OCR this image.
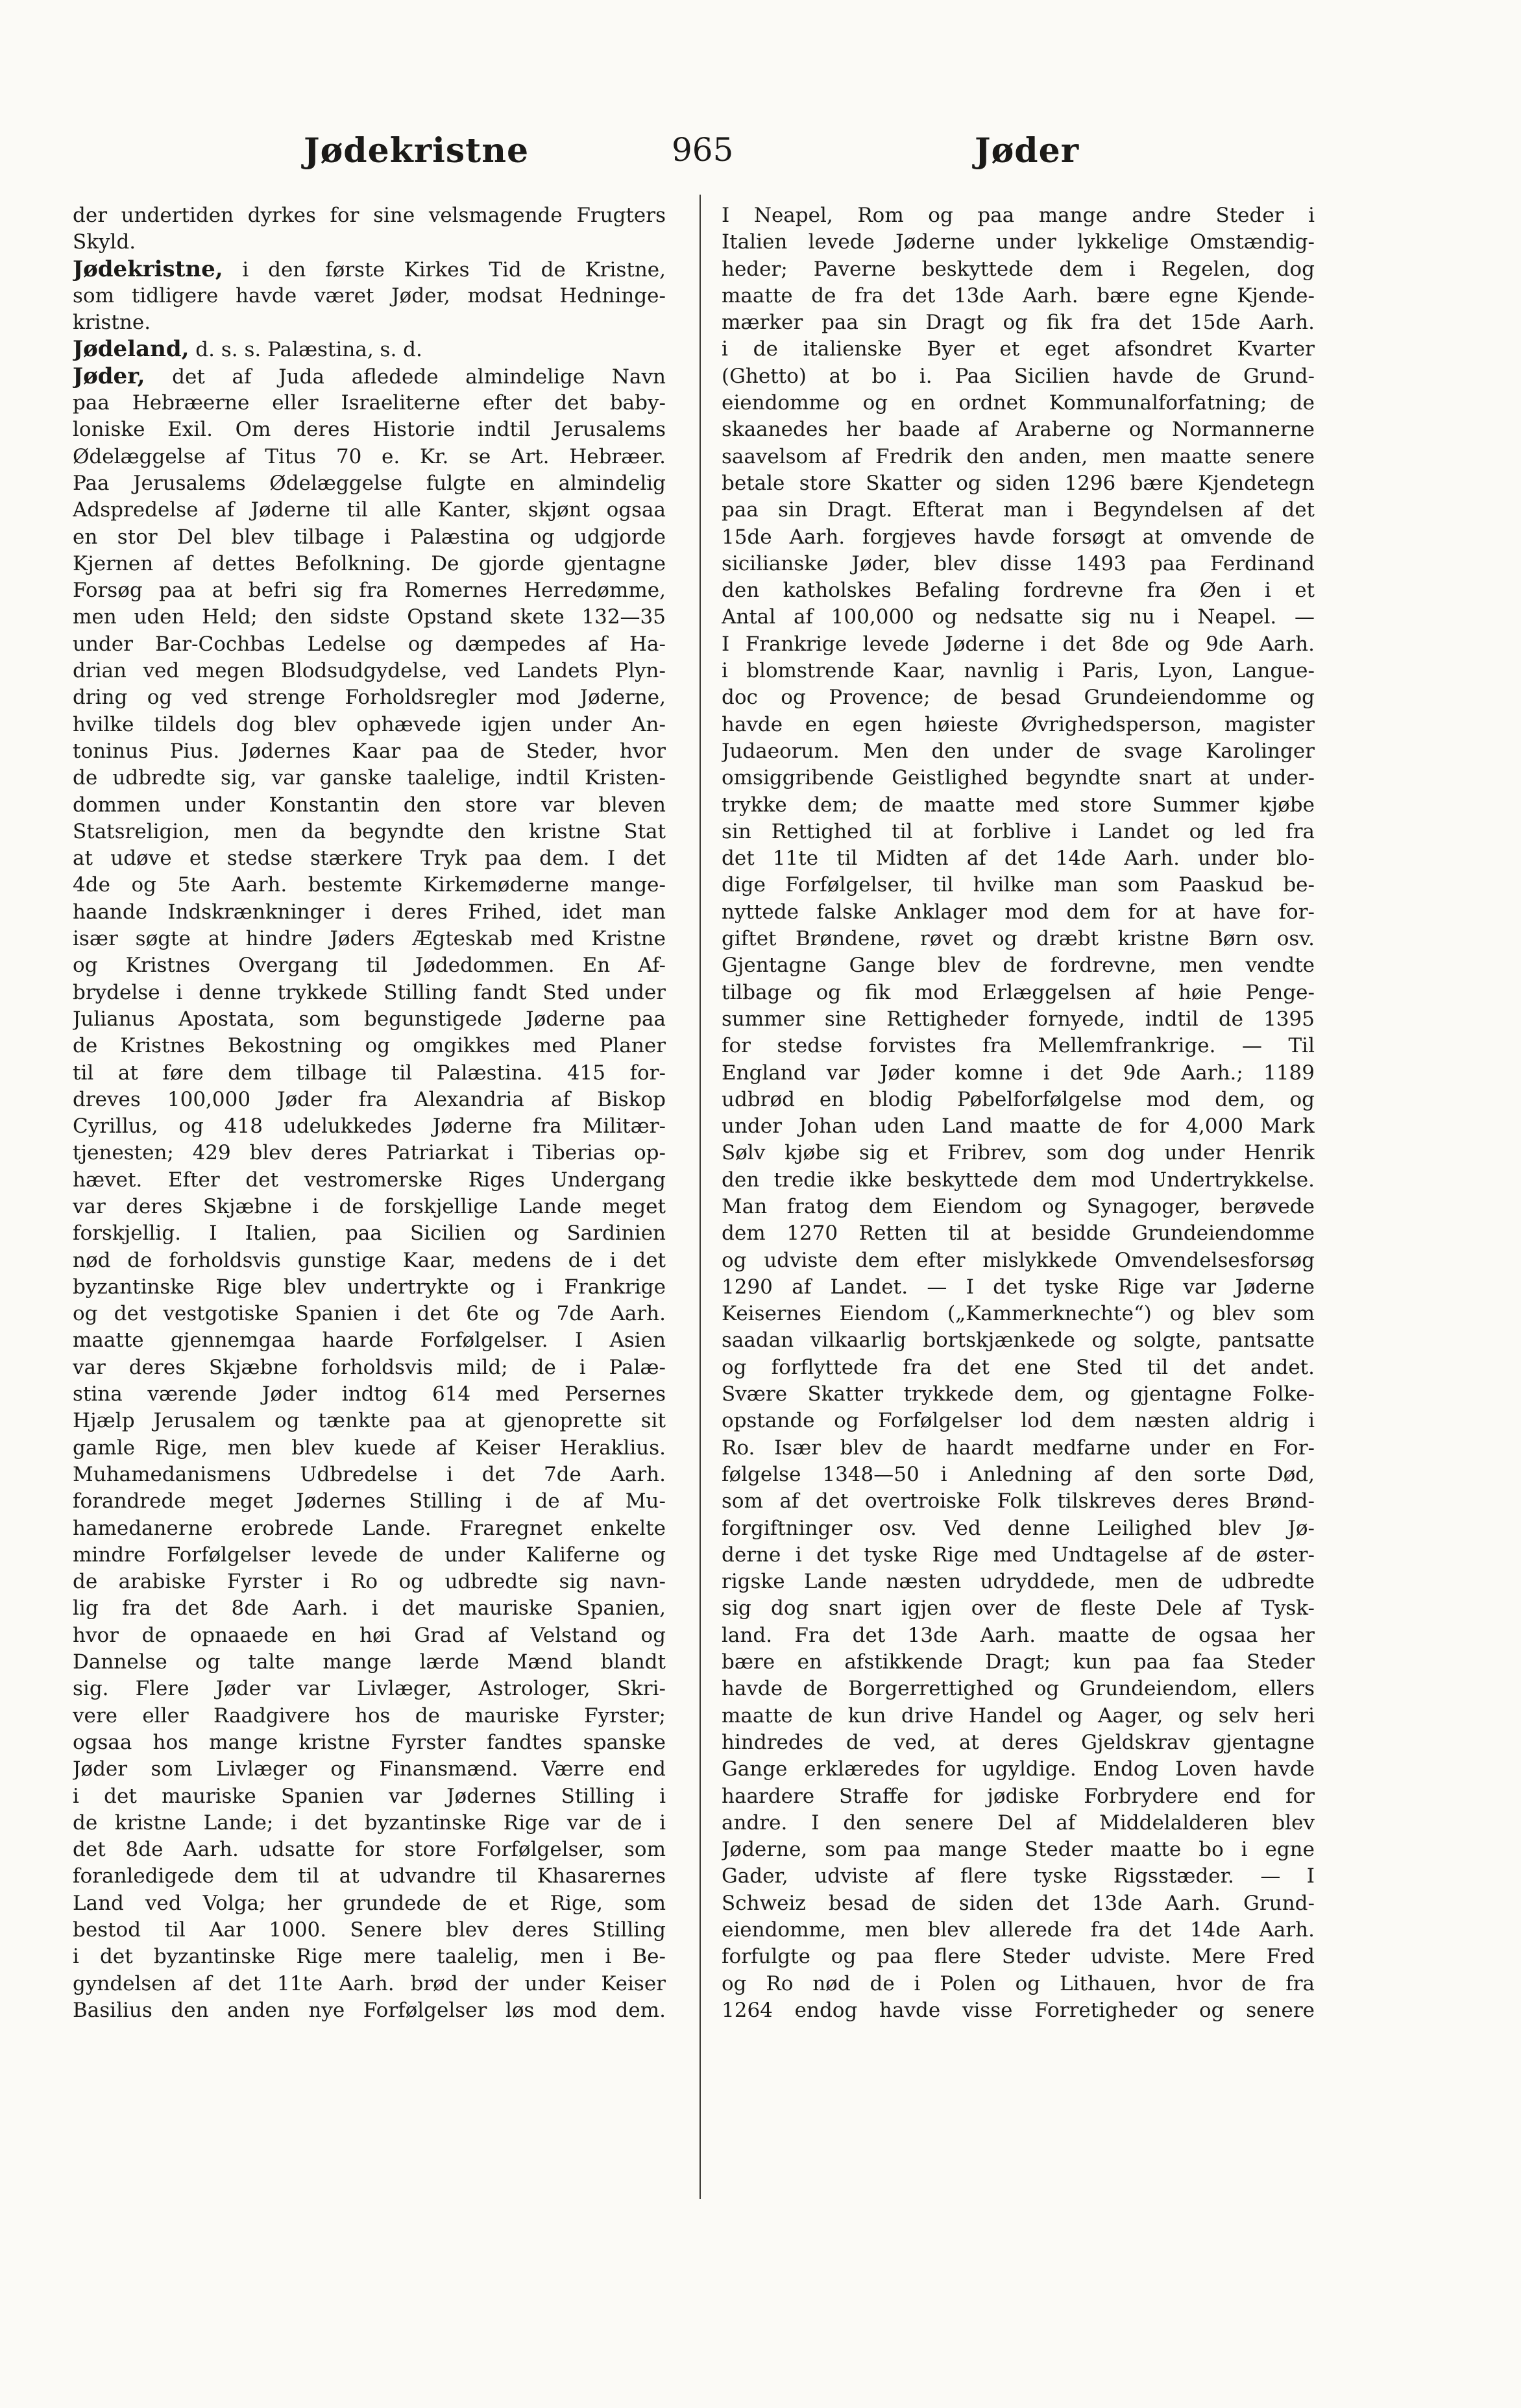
Jødekristne	965	Jøder
der undertiden dyrkes for sine velsmagende Frugters
Skyld.
Jødekristne, i den første Kirkes Tid de Kristne,
som tidligere havde været Jøder, modsat Hedninge-
kristne.
Jødeland, d. s. s. Palæstina, s. d.
Jøder, det af Juda afledede almindelige Navn
paa Hebræerne eller Israeliterne efter det baby-
loniske Exil. Om deres Historie indtil Jerusalems
Ødelæggelse af Titus 70 e. Kr. se Art. Hebræer.
Paa Jerusalems Ødelæggelse fulgte en almindelig
Adspredelse af Jøderne til alle Kanter, skjønt ogsaa
en stor Del blev tilbage i Palæstina og udgjorde
Kjernen af dettes Befolkning. De gjorde gjentagne
Forsøg paa at befri sig fra Romernes Herredømme,
men uden Held; den sidste Opstand skete 132—35
under Bar-Cochbas Ledelse og dæmpedes af Ha-
drian ved megen Blodsudgydelse, ved Landets Plyn-
dring og ved strenge Forholdsregler mod Jøderne,
hvilke tildels dog blev ophævede igjen under An-
toninus Pius. Jødernes Kaar paa de Steder, hvor
de udbredte sig, var ganske taalelige, indtil Kristen-
dommen under Konstantin den store var bleven
Statsreligion, men da begyndte den kristne Stat
at udøve et stedse stærkere Tryk paa dem. I det
4de og 5te Aarh. bestemte Kirkemøderne mange-
haande Indskrænkninger i deres Frihed, idet man
især søgte at hindre Jøders Ægteskab med Kristne
og Kristnes Overgang til Jødedommen. En Af-
brydelse i denne trykkede Stilling fandt Sted under
Julianus Apostata, som begunstigede Jøderne paa
de Kristnes Bekostning og omgikkes med Planer
til at føre dem tilbage til Palæstina. 415 for-
dreves 100,000 Jøder fra Alexandria af Biskop
Cyrillus, og 418 udelukkedes Jøderne fra Militær-
tjenesten; 429 blev deres Patriarkat i Tiberias op-
hævet. Efter det vestromerske Riges Undergang
var deres Skjæbne i de forskjellige Lande meget
forskjellig. I Italien, paa Sicilien og Sardinien
nød de forholdsvis gunstige Kaar, medens de i det
byzantinske Rige blev undertrykte og i Frankrige
og det vestgotiske Spanien i det 6te og 7de Aarh.
maatte gjennemgaa haarde Forfølgelser. I Asien
var deres Skjæbne forholdsvis mild; de i Palæ-
stina værende Jøder indtog 614 med Persernes
Hjælp Jerusalem og tænkte paa at gjenoprette sit
gamle Rige, men blev kuede af Keiser Heraklius.
Muhamedanismens Udbredelse i det 7de Aarh.
forandrede meget Jødernes Stilling i de af Mu-
hamedanerne erobrede Lande. Fraregnet enkelte
mindre Forfølgelser levede de under Kaliferne og
de arabiske Fyrster i Ro og udbredte sig navn-
lig fra det 8de Aarh. i det mauriske Spanien,
hvor de opnaaede en høi Grad af Velstand og
Dannelse og talte mange lærde Mænd blandt
sig. Flere Jøder var Livlæger, Astrologer, Skri-
vere eller Raadgivere hos de mauriske Fyrster;
ogsaa hos mange kristne Fyrster fandtes spanske
Jøder som Livlæger og Finansmænd. Værre end
i det mauriske Spanien var Jødernes Stilling i
de kristne Lande; i det byzantinske Rige var de i
det 8de Aarh. udsatte for store Forfølgelser, som
foranledigede dem til at udvandre til Khasarernes
Land ved Volga; her grundede de et Rige, som
bestod til Aar 1000. Senere blev deres Stilling
i det byzantinske Rige mere taalelig, men i Be-
gyndelsen af det 11te Aarh. brød der under Keiser
Basilius den anden nye Forfølgelser løs mod dem.
I Neapel, Rom og paa mange andre Steder i
Italien levede Jøderne under lykkelige Omstændig-
heder; Paverne beskyttede dem i Regelen, dog
maatte de fra det 13de Aarh. bære egne Kjende-
mærker paa sin Dragt og fik fra det 15de Aarh.
i de italienske Byer et eget afsondret Kvarter
(Ghetto) at bo i. Paa Sicilien havde de Grund-
eiendomme og en ordnet Kommunalforfatning; de
skaanedes her baade af Araberne og Normannerne
saavelsom af Fredrik den anden, men maatte senere
betale store Skatter og siden 1296 bære Kjendetegn
paa sin Dragt. Efterat man i Begyndelsen af det
15de Aarh. forgjeves havde forsøgt at omvende de
sicilianske Jøder, blev disse 1493 paa Ferdinand
den katholskes Befaling fordrevne fra Øen i et
Antal af 100,000 og nedsatte sig nu i Neapel. —
I Frankrige levede Jøderne i det 8de og 9de Aarh.
i blomstrende Kaar, navnlig i Paris, Lyon, Langue-
doc og Provence; de besad Grundeiendomme og
havde en egen høieste Øvrighedsperson, magister
Judaeorum. Men den under de svage Karolinger
omsiggribende Geistlighed begyndte snart at under-
trykke dem; de maatte med store Summer kjøbe
sin Rettighed til at forblive i Landet og led fra
det 11te til Midten af det 14de Aarh. under blo-
dige Forfølgelser, til hvilke man som Paaskud be-
nyttede falske Anklager mod dem for at have for-
giftet Brøndene, røvet og dræbt kristne Børn osv.
Gjentagne Gange blev de fordrevne, men vendte
tilbage og fik mod Erlæggelsen af høie Penge-
summer sine Rettigheder fornyede, indtil de 1395
for stedse forvistes fra Mellemfrankrige. — Til
England var Jøder komne i det 9de Aarh.; 1189
udbrød en blodig Pøbelforfølgelse mod dem, og
under Johan uden Land maatte de for 4,000 Mark
Sølv kjøbe sig et Fribrev, som dog under Henrik
den tredie ikke beskyttede dem mod Undertrykkelse.
Man fratog dem Eiendom og Synagoger, berøvede
dem 1270 Retten til at besidde Grundeiendomme
og udviste dem efter mislykkede Omvendelsesforsøg
1290 af Landet. — I det tyske Rige var Jøderne
Keisernes Eiendom („Kammerknechte“) og blev som
saadan vilkaarlig bortskjænkede og solgte, pantsatte
og forflyttede fra det ene Sted til det andet.
Svære Skatter trykkede dem, og gjentagne Folke-
opstande og Forfølgelser lod dem næsten aldrig i
Ro. Især blev de haardt medfarne under en For-
følgelse 1348—50 i Anledning af den sorte Død,
som af det overtroiske Folk tilskreves deres Brønd-
forgiftninger osv. Ved denne Leilighed blev Jø-
derne i det tyske Rige med Undtagelse af de øster-
rigske Lande næsten udryddede, men de udbredte
sig dog snart igjen over de fleste Dele af Tysk-
land. Fra det 13de Aarh. maatte de ogsaa her
bære en afstikkende Dragt; kun paa faa Steder
havde de Borgerrettighed og Grundeiendom, ellers
maatte de kun drive Handel og Aager, og selv heri
hindredes de ved, at deres Gjeldskrav gjentagne
Gange erklæredes for ugyldige. Endog Loven havde
haardere Straffe for jødiske Forbrydere end for
andre. I den senere Del af Middelalderen blev
Jøderne, som paa mange Steder maatte bo i egne
Gader, udviste af flere tyske Rigsstæder. — I
Schweiz besad de siden det 13de Aarh. Grund-
eiendomme, men blev allerede fra det 14de Aarh.
forfulgte og paa flere Steder udviste. Mere Fred
og Ro nød de i Polen og Lithauen, hvor de fra
1264 endog havde visse Forretigheder og senere
